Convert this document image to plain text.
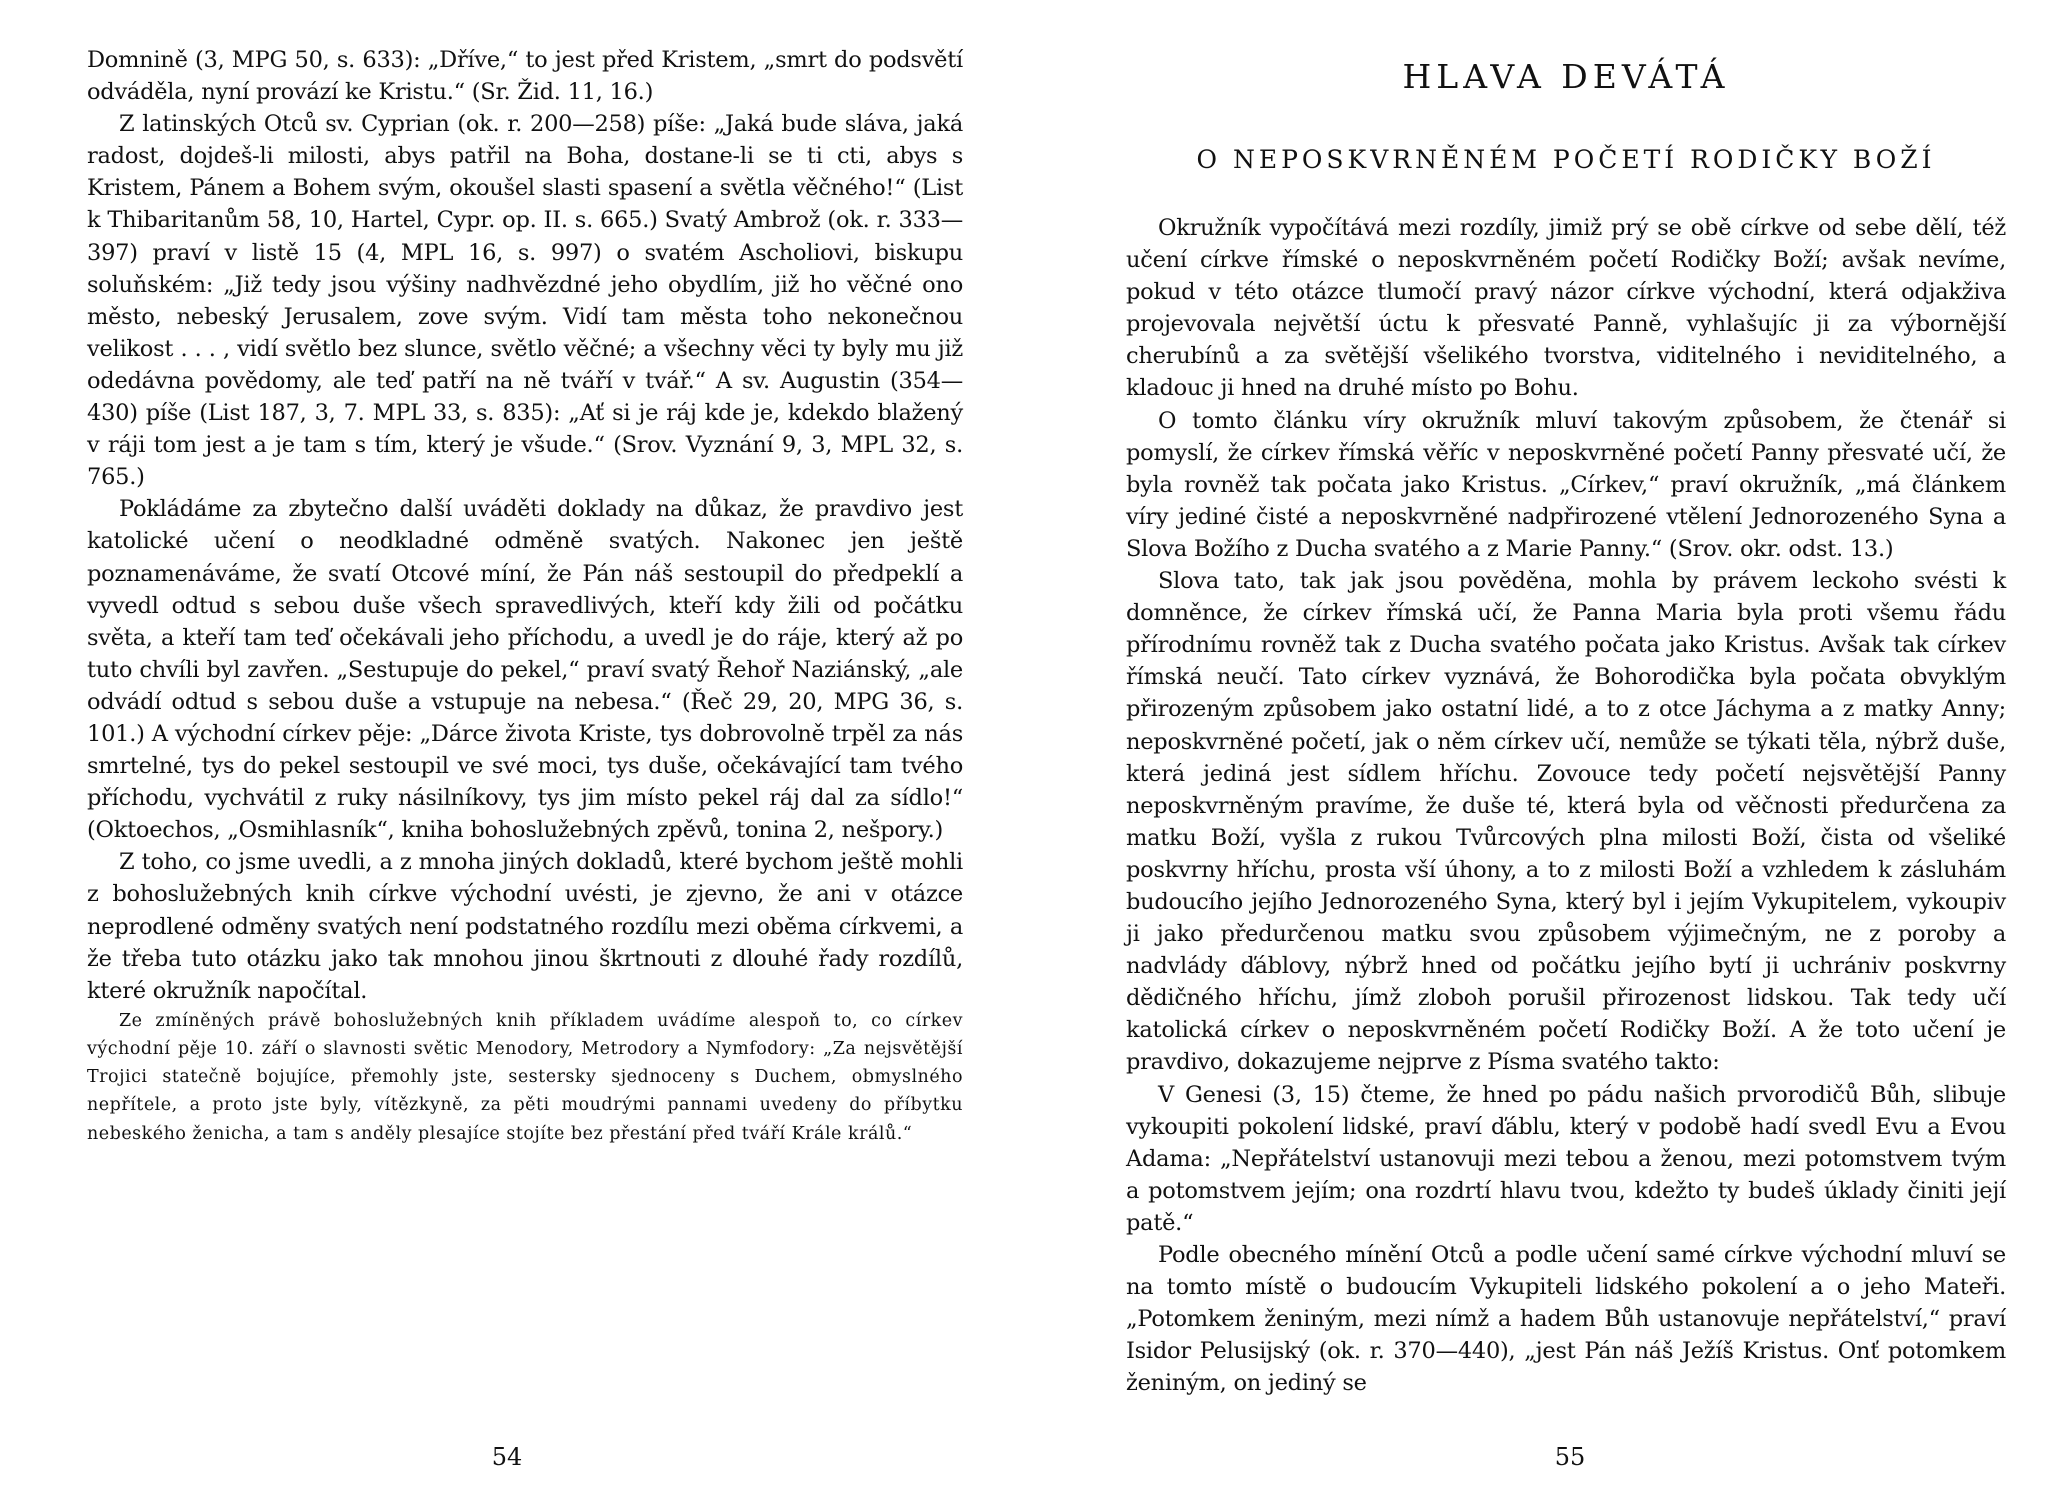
Domnině (3, MPG 50, s. 633): „Dříve,“ to jest před Kristem, „smrt do podsvětí odváděla, nyní provází ke Kristu.“ (Sr. Žid. 11, 16.)

Z latinských Otců sv. Cyprian (ok. r. 200—258) píše: „Jaká bude sláva, jaká radost, dojdeš-li milosti, abys patřil na Boha, dostane-li se ti cti, abys s Kristem, Pánem a Bohem svým, okoušel slasti spasení a světla věčného!“ (List k Thibaritanům 58, 10, Hartel, Cypr. op. II. s. 665.) Svatý Ambrož (ok. r. 333—397) praví v listě 15 (4, MPL 16, s. 997) o svatém Ascholiovi, biskupu soluňském: „Již tedy jsou výšiny nadhvězdné jeho obydlím, již ho věčné ono město, nebeský Jerusalem, zove svým. Vidí tam města toho nekonečnou velikost . . . , vidí světlo bez slunce, světlo věčné; a všechny věci ty byly mu již odedávna povědomy, ale teď patří na ně tváří v tvář.“ A sv. Augustin (354—430) píše (List 187, 3, 7. MPL 33, s. 835): „Ať si je ráj kde je, kdekdo blažený v ráji tom jest a je tam s tím, který je všude.“ (Srov. Vyznání 9, 3, MPL 32, s. 765.)

Pokládáme za zbytečno další uváděti doklady na důkaz, že pravdivo jest katolické učení o neodkladné odměně svatých. Nakonec jen ještě poznamenáváme, že svatí Otcové míní, že Pán náš sestoupil do předpeklí a vyvedl odtud s sebou duše všech spravedlivých, kteří kdy žili od počátku světa, a kteří tam teď očekávali jeho příchodu, a uvedl je do ráje, který až po tuto chvíli byl zavřen. „Sestupuje do pekel,“ praví svatý Řehoř Naziánský, „ale odvádí odtud s sebou duše a vstupuje na nebesa.“ (Řeč 29, 20, MPG 36, s. 101.) A východní církev pěje: „Dárce života Kriste, tys dobrovolně trpěl za nás smrtelné, tys do pekel sestoupil ve své moci, tys duše, očekávající tam tvého příchodu, vychvátil z ruky násilníkovy, tys jim místo pekel ráj dal za sídlo!“ (Oktoechos, „Osmihlasník“, kniha bohoslužebných zpěvů, tonina 2, nešpory.)

Z toho, co jsme uvedli, a z mnoha jiných dokladů, které bychom ještě mohli z bohoslužebných knih církve východní uvésti, je zjevno, že ani v otázce neprodlené odměny svatých není podstatného rozdílu mezi oběma církvemi, a že třeba tuto otázku jako tak mnohou jinou škrtnouti z dlouhé řady rozdílů, které okružník napočítal.

Ze zmíněných právě bohoslužebných knih příkladem uvádíme alespoň to, co církev východní pěje 10. září o slavnosti světic Menodory, Metrodory a Nymfodory: „Za nejsvětější Trojici statečně bojujíce, přemohly jste, sestersky sjednoceny s Duchem, obmyslného nepřítele, a proto jste byly, vítězkyně, za pěti moudrými pannami uvedeny do příbytku nebeského ženicha, a tam s anděly plesajíce stojíte bez přestání před tváří Krále králů.“

54
HLAVA DEVÁTÁ
O NEPOSKVRNĚNÉM POČETÍ RODIČKY BOŽÍ

Okružník vypočítává mezi rozdíly, jimiž prý se obě církve od sebe dělí, též učení církve římské o neposkvrněném početí Rodičky Boží; avšak nevíme, pokud v této otázce tlumočí pravý názor církve východní, která odjakživa projevovala největší úctu k přesvaté Panně, vyhlašujíc ji za výbornější cherubínů a za světější všelikého tvorstva, viditelného i neviditelného, a kladouc ji hned na druhé místo po Bohu.

O tomto článku víry okružník mluví takovým způsobem, že čtenář si pomyslí, že církev římská věříc v neposkvrněné početí Panny přesvaté učí, že byla rovněž tak počata jako Kristus. „Církev,“ praví okružník, „má článkem víry jediné čisté a neposkvrněné nadpřirozené vtělení Jednorozeného Syna a Slova Božího z Ducha svatého a z Marie Panny.“ (Srov. okr. odst. 13.)

Slova tato, tak jak jsou pověděna, mohla by právem leckoho svésti k domněnce, že církev římská učí, že Panna Maria byla proti všemu řádu přírodnímu rovněž tak z Ducha svatého počata jako Kristus. Avšak tak církev římská neučí. Tato církev vyznává, že Bohorodička byla počata obvyklým přirozeným způsobem jako ostatní lidé, a to z otce Jáchyma a z matky Anny; neposkvrněné početí, jak o něm církev učí, nemůže se týkati těla, nýbrž duše, která jediná jest sídlem hříchu. Zovouce tedy početí nejsvětější Panny neposkvrněným pravíme, že duše té, která byla od věčnosti předurčena za matku Boží, vyšla z rukou Tvůrcových plna milosti Boží, čista od všeliké poskvrny hříchu, prosta vší úhony, a to z milosti Boží a vzhledem k zásluhám budoucího jejího Jednorozeného Syna, který byl i jejím Vykupitelem, vykoupiv ji jako předurčenou matku svou způsobem výjimečným, ne z poroby a nadvlády ďáblovy, nýbrž hned od počátku jejího bytí ji uchrániv poskvrny dědičného hříchu, jímž zloboh porušil přirozenost lidskou. Tak tedy učí katolická církev o neposkvrněném početí Rodičky Boží. A že toto učení je pravdivo, dokazujeme nejprve z Písma svatého takto:

V Genesi (3, 15) čteme, že hned po pádu našich prvorodičů Bůh, slibuje vykoupiti pokolení lidské, praví ďáblu, který v podobě hadí svedl Evu a Evou Adama: „Nepřátelství ustanovuji mezi tebou a ženou, mezi potomstvem tvým a potomstvem jejím; ona rozdrtí hlavu tvou, kdežto ty budeš úklady činiti její patě.“

Podle obecného mínění Otců a podle učení samé církve východní mluví se na tomto místě o budoucím Vykupiteli lidského pokolení a o jeho Mateři. „Potomkem ženiným, mezi nímž a hadem Bůh ustanovuje nepřátelství,“ praví Isidor Pelusijský (ok. r. 370—440), „jest Pán náš Ježíš Kristus. Onť potomkem ženiným, on jediný se

55
